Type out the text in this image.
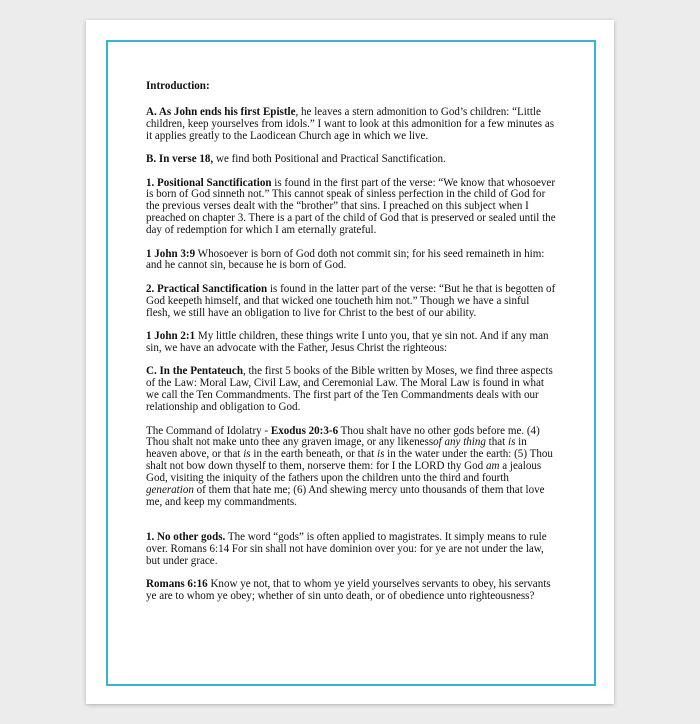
Introduction:

A. As John ends his first Epistle, he leaves a stern admonition to God’s children: “Little children, keep yourselves from idols.” I want to look at this admonition for a few minutes as it applies greatly to the Laodicean Church age in which we live.

B. In verse 18, we find both Positional and Practical Sanctification.

1. Positional Sanctification is found in the first part of the verse: “We know that whosoever is born of God sinneth not.” This cannot speak of sinless perfection in the child of God for the previous verses dealt with the “brother” that sins. I preached on this subject when I preached on chapter 3. There is a part of the child of God that is preserved or sealed until the day of redemption for which I am eternally grateful.

1 John 3:9 Whosoever is born of God doth not commit sin; for his seed remaineth in him: and he cannot sin, because he is born of God.

2. Practical Sanctification is found in the latter part of the verse: “But he that is begotten of God keepeth himself, and that wicked one toucheth him not.” Though we have a sinful flesh, we still have an obligation to live for Christ to the best of our ability.

1 John 2:1 My little children, these things write I unto you, that ye sin not. And if any man sin, we have an advocate with the Father, Jesus Christ the righteous:

C. In the Pentateuch, the first 5 books of the Bible written by Moses, we find three aspects of the Law: Moral Law, Civil Law, and Ceremonial Law. The Moral Law is found in what we call the Ten Commandments. The first part of the Ten Commandments deals with our relationship and obligation to God.

The Command of Idolatry - Exodus 20:3-6 Thou shalt have no other gods before me. (4) Thou shalt not make unto thee any graven image, or any likenessof any thing that is in heaven above, or that is in the earth beneath, or that is in the water under the earth: (5) Thou shalt not bow down thyself to them, norserve them: for I the LORD thy God am a jealous God, visiting the iniquity of the fathers upon the children unto the third and fourth generation of them that hate me; (6) And shewing mercy unto thousands of them that love me, and keep my commandments.

1. No other gods. The word “gods” is often applied to magistrates. It simply means to rule over. Romans 6:14 For sin shall not have dominion over you: for ye are not under the law, but under grace.

Romans 6:16 Know ye not, that to whom ye yield yourselves servants to obey, his servants ye are to whom ye obey; whether of sin unto death, or of obedience unto righteousness?
